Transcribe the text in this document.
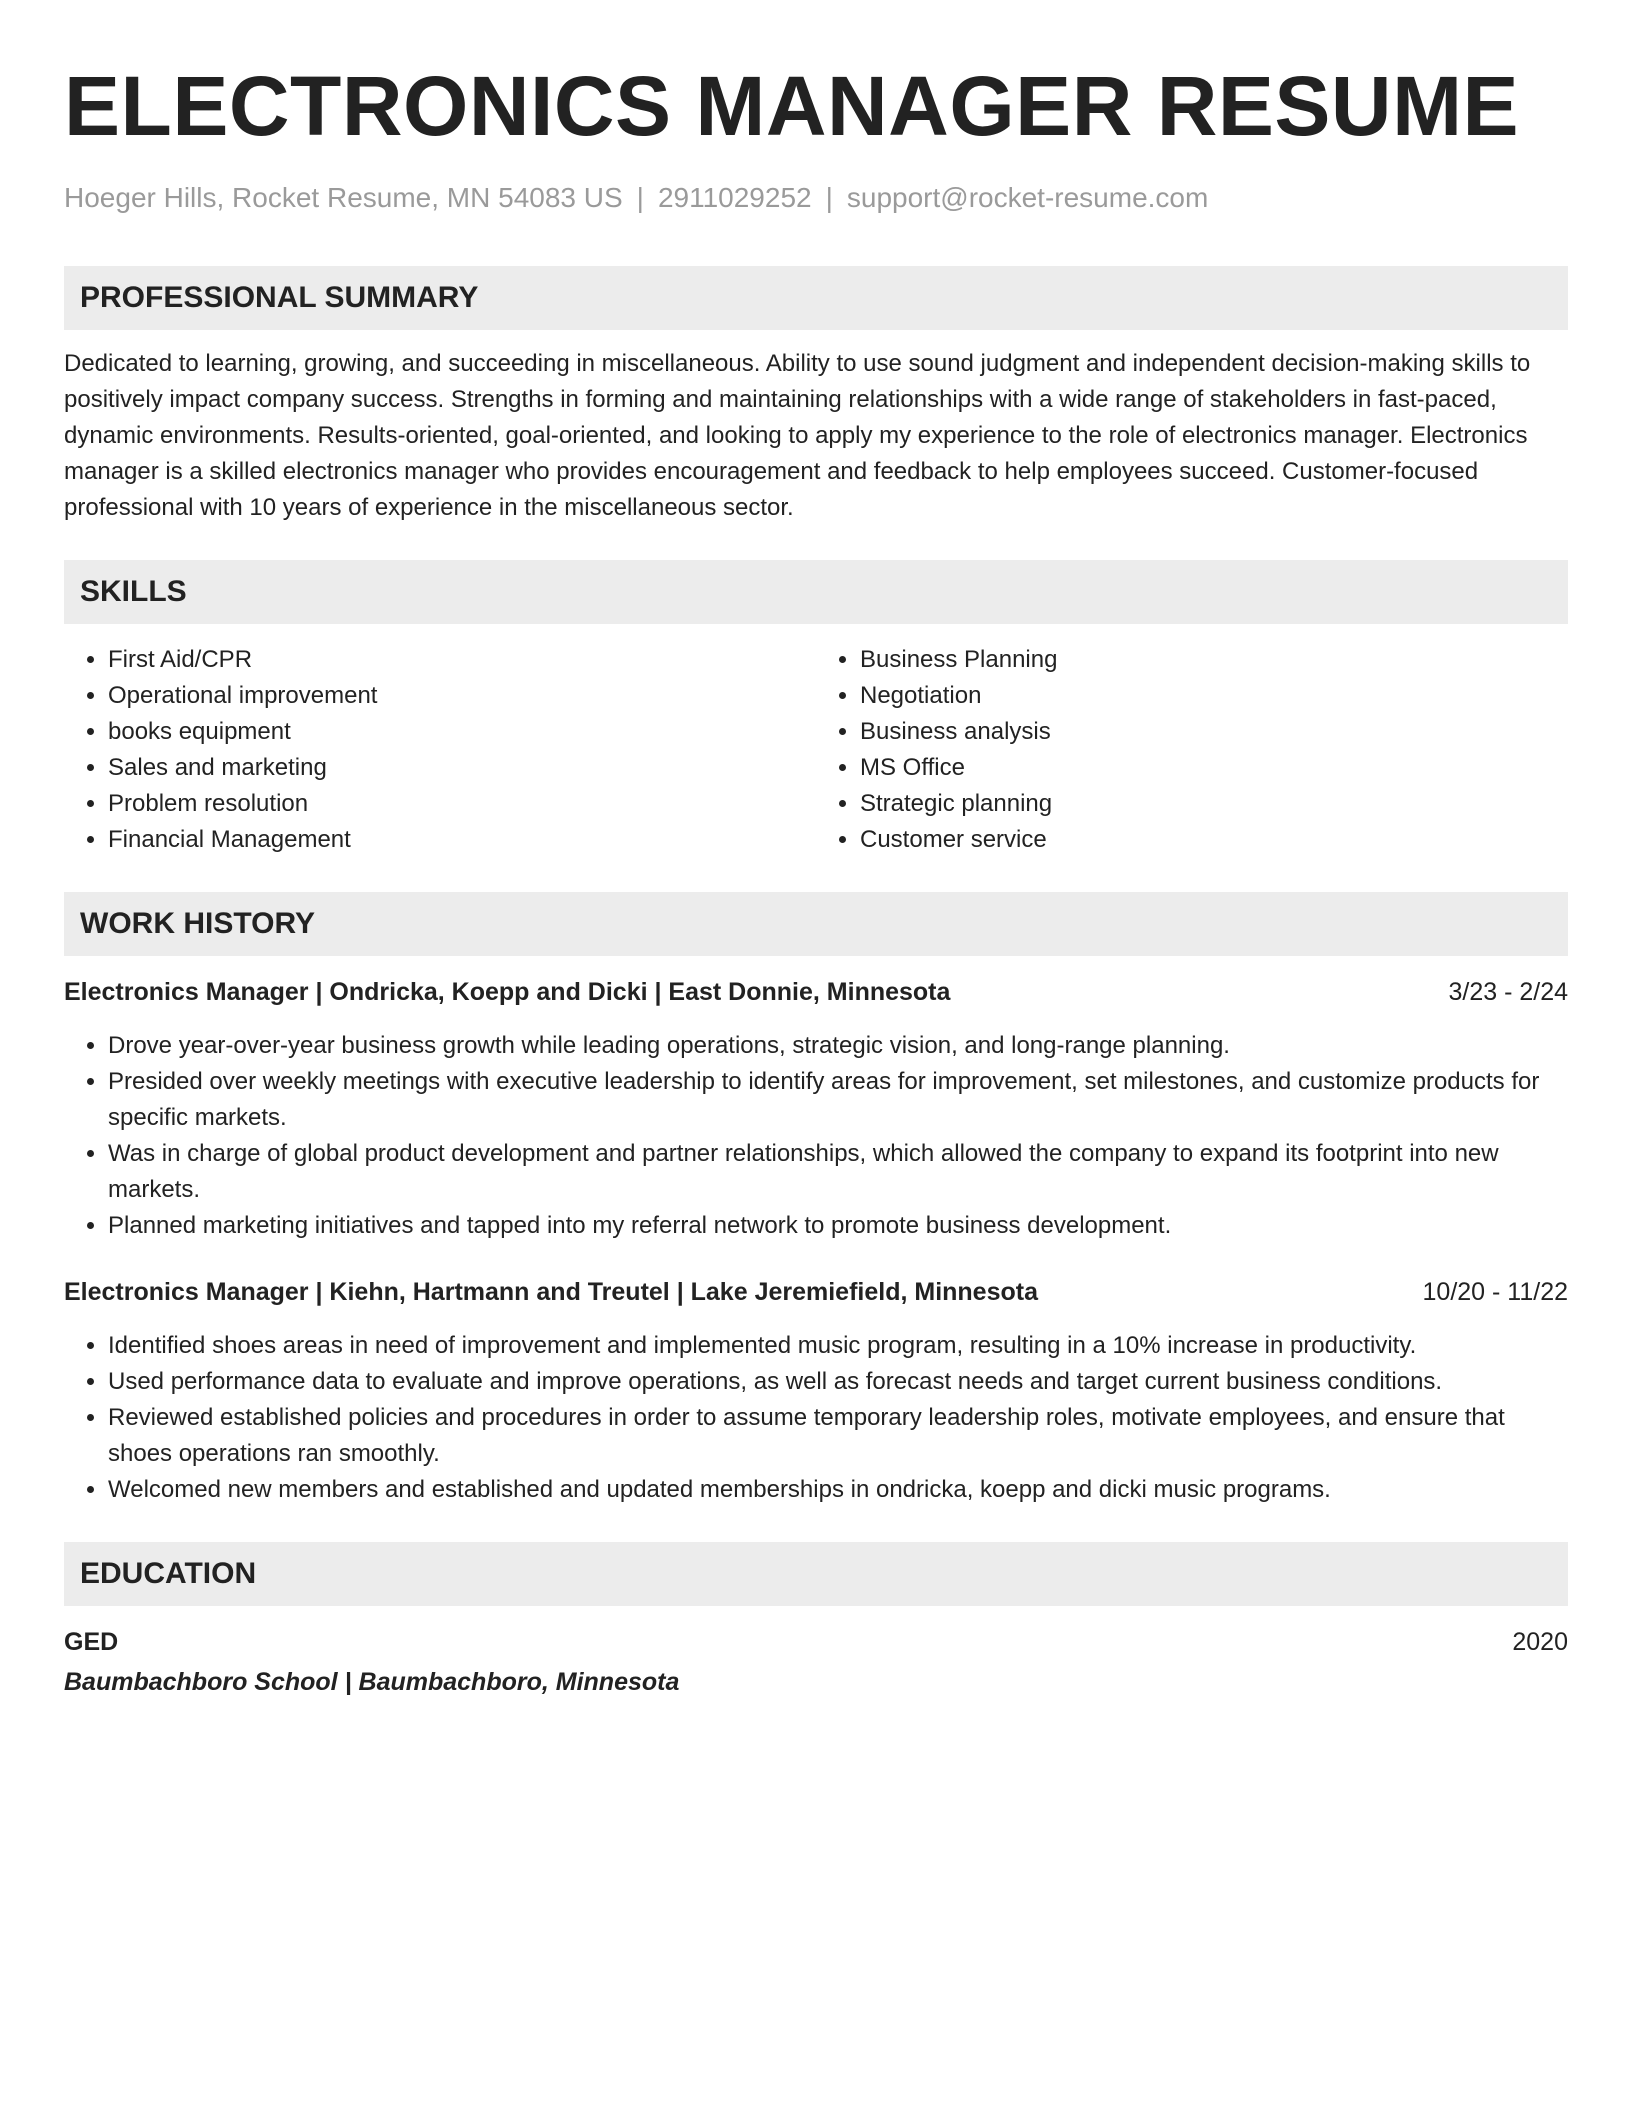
ELECTRONICS MANAGER RESUME
Hoeger Hills, Rocket Resume, MN 54083 US | 2911029252 | support@rocket-resume.com
PROFESSIONAL SUMMARY

Dedicated to learning, growing, and succeeding in miscellaneous. Ability to use sound judgment and independent decision-making skills to positively impact company success. Strengths in forming and maintaining relationships with a wide range of stakeholders in fast-paced, dynamic environments. Results-oriented, goal-oriented, and looking to apply my experience to the role of electronics manager. Electronics manager is a skilled electronics manager who provides encouragement and feedback to help employees succeed. Customer-focused professional with 10 years of experience in the miscellaneous sector.

SKILLS
• First Aid/CPR
• Operational improvement
• books equipment
• Sales and marketing
• Problem resolution
• Financial Management
• Business Planning
• Negotiation
• Business analysis
• MS Office
• Strategic planning
• Customer service
WORK HISTORY
Electronics Manager | Ondricka, Koepp and Dicki | East Donnie, Minnesota	3/23 - 2/24
• Drove year-over-year business growth while leading operations, strategic vision, and long-range planning.
• Presided over weekly meetings with executive leadership to identify areas for improvement, set milestones, and customize products for specific markets.
• Was in charge of global product development and partner relationships, which allowed the company to expand its footprint into new markets.
• Planned marketing initiatives and tapped into my referral network to promote business development.
Electronics Manager | Kiehn, Hartmann and Treutel | Lake Jeremiefield, Minnesota	10/20 - 11/22
• Identified shoes areas in need of improvement and implemented music program, resulting in a 10% increase in productivity.
• Used performance data to evaluate and improve operations, as well as forecast needs and target current business conditions.
• Reviewed established policies and procedures in order to assume temporary leadership roles, motivate employees, and ensure that shoes operations ran smoothly.
• Welcomed new members and established and updated memberships in ondricka, koepp and dicki music programs.
EDUCATION
GED	2020
Baumbachboro School | Baumbachboro, Minnesota
